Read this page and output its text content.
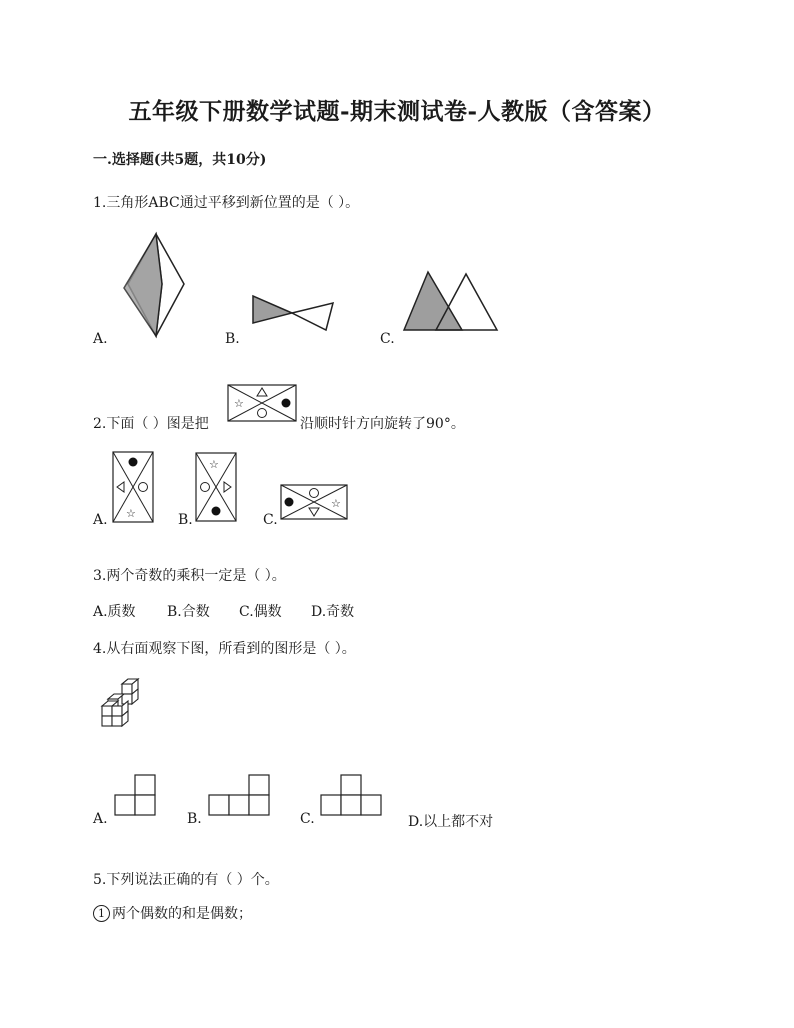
五年级下册数学试题-期末测试卷-人教版（含答案）
一.选择题(共5题，共10分)
1.三角形ABC通过平移到新位置的是（ ）。
A.	B.	C.
2.下面（ ）图是把
☆
沿顺时针方向旋转了90°。
☆
A.
☆
B.
☆
C.
3.两个奇数的乘积一定是（ ）。
A.质数 B.合数 C.偶数 D.奇数
4.从右面观察下图，所看到的图形是（ ）。
A.	B.	C.	D.以上都不对
5.下列说法正确的有（ ）个。
1 两个偶数的和是偶数；
